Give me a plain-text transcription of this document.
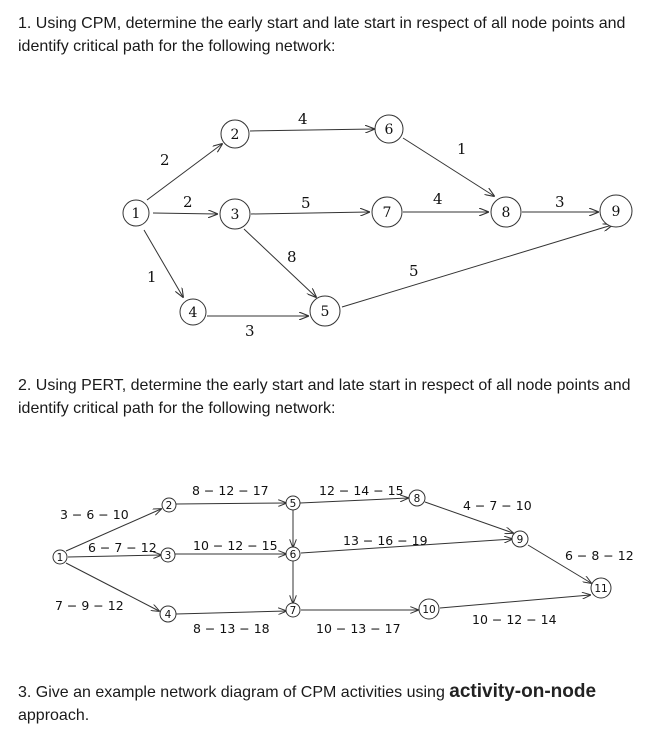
1. Using CPM, determine the early start and late start in respect of all node points and identify critical path for the following network:
2
2
1
4
5
8
3
1
4	3
5
1
2
3
4	5
6
7	8	9
3 − 6 − 10
6 − 7 − 12
7 − 9 − 12
8 − 12 − 17
10 − 12 − 15
8 − 13 − 18
12 − 14 − 15
13 − 16 − 19
10 − 13 − 17
4 − 7 − 10
6 − 8 − 12
10 − 12 − 14
1
2
3
4
5
6
7
8
9
10
11
2. Using PERT, determine the early start and late start in respect of all node points and identify critical path for the following network:
3. Give an example network diagram of CPM activities using activity-on-node
approach.
